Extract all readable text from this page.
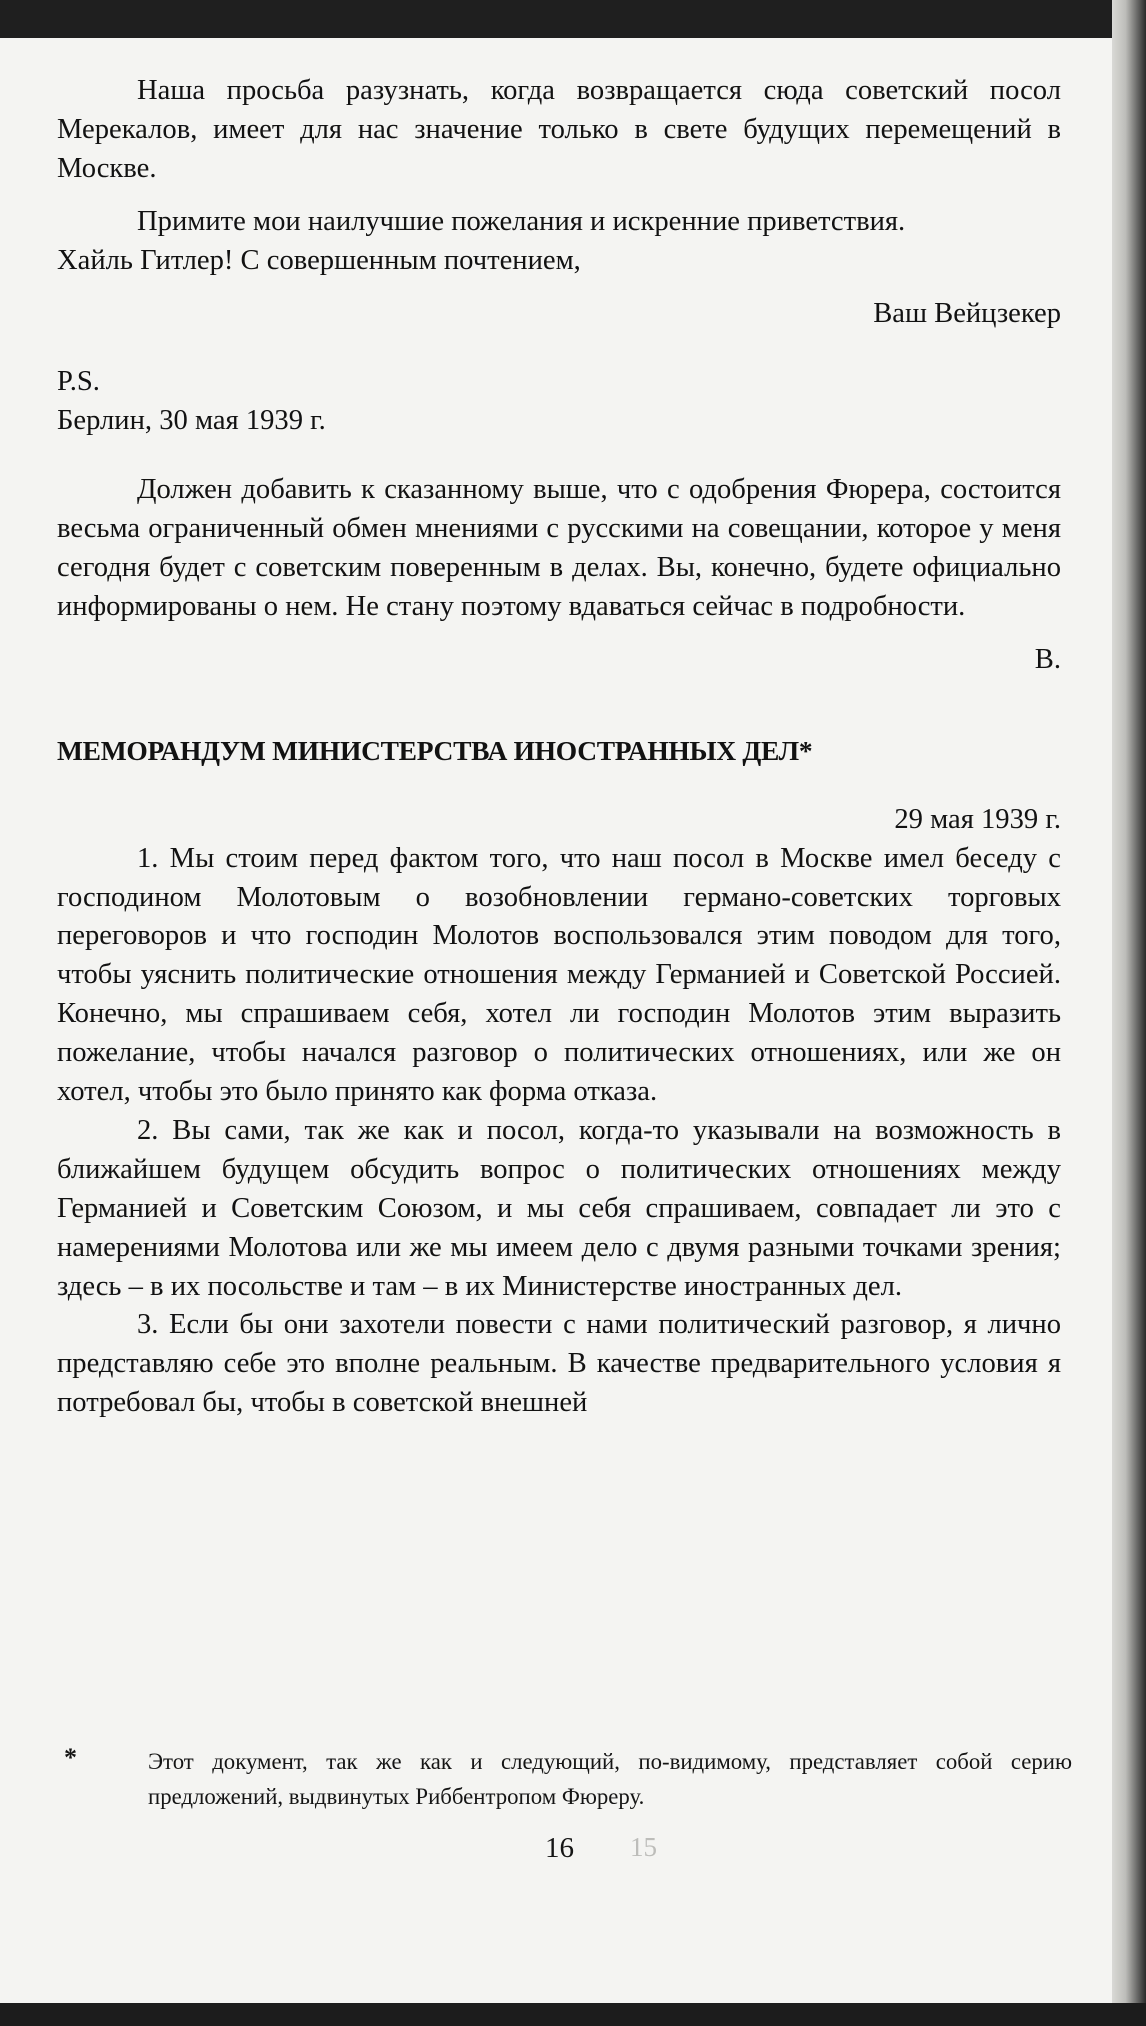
Наша просьба разузнать, когда возвращается сюда советский посол Мерекалов, имеет для нас значение только в свете будущих перемещений в Москве.

Примите мои наилучшие пожелания и искренние приветствия.

Хайль Гитлер! С совершенным почтением,

Ваш Вейцзекер

P.S.

Берлин, 30 мая 1939 г.

Должен добавить к сказанному выше, что с одобрения Фюрера, состоится весьма ограниченный обмен мнениями с русскими на совещании, которое у меня сегодня будет с советским поверенным в делах. Вы, конечно, будете официально информированы о нем. Не стану поэтому вдаваться сейчас в подробности.

В.

МЕМОРАНДУМ МИНИСТЕРСТВА ИНОСТРАННЫХ ДЕЛ*

29 мая 1939 г.

1. Мы стоим перед фактом того, что наш посол в Москве имел беседу с господином Молотовым о возобновлении германо-советских торговых переговоров и что господин Молотов воспользовался этим поводом для того, чтобы уяснить политические отношения между Германией и Советской Россией. Конечно, мы спрашиваем себя, хотел ли господин Молотов этим выразить пожелание, чтобы начался разговор о политических отношениях, или же он хотел, чтобы это было принято как форма отказа.

2. Вы сами, так же как и посол, когда-то указывали на возможность в ближайшем будущем обсудить вопрос о политических отношениях между Германией и Советским Союзом, и мы себя спрашиваем, совпадает ли это с намерениями Молотова или же мы имеем дело с двумя разными точками зрения; здесь – в их посольстве и там – в их Министерстве иностранных дел.

3. Если бы они захотели повести с нами политический разговор, я лично представляю себе это вполне реальным. В качестве предварительного условия я потребовал бы, чтобы в советской внешней

*	Этот документ, так же как и следующий, по-видимому, представляет собой серию предложений, выдвинутых Риббентропом Фюреру.

16 15
